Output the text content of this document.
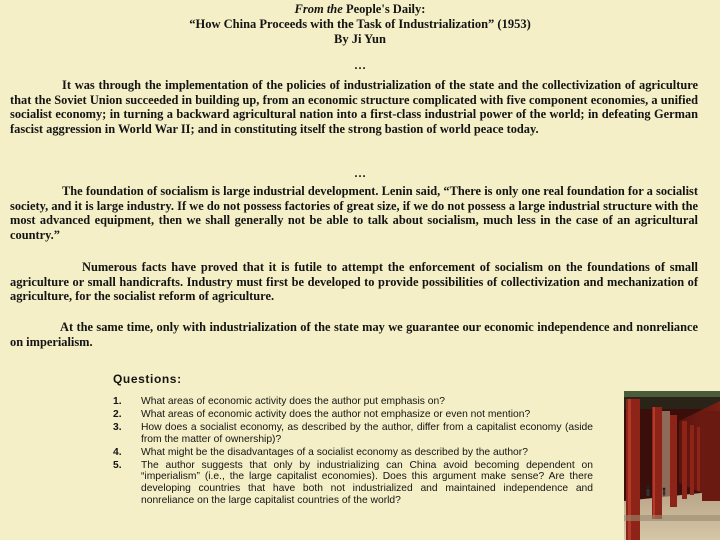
From the People's Daily:
“How China Proceeds with the Task of Industrialization” (1953)
By Ji Yun
…
It was through the implementation of the policies of industrialization of the state and the collectivization of agriculture that the Soviet Union succeeded in building up, from an economic structure complicated with five component economies, a unified socialist economy; in turning a backward agricultural nation into a first-class industrial power of the world; in defeating German fascist aggression in World War II; and in constituting itself the strong bastion of world peace today.
…
The foundation of socialism is large industrial development. Lenin said, “There is only one real foundation for a socialist society, and it is large industry. If we do not possess factories of great size, if we do not possess a large industrial structure with the most advanced equipment, then we shall generally not be able to talk about socialism, much less in the case of an agricultural country.”
Numerous facts have proved that it is futile to attempt the enforcement of socialism on the foundations of small agriculture or small handicrafts. Industry must first be developed to provide possibilities of collectivization and mechanization of agriculture, for the socialist reform of agriculture.
At the same time, only with industrialization of the state may we guarantee our economic independence and nonreliance on imperialism.
Questions:
1.	What areas of economic activity does the author put emphasis on?
2.	What areas of economic activity does the author not emphasize or even not mention?
3.	How does a socialist economy, as described by the author, differ from a capitalist economy (aside from the matter of ownership)?
4.	What might be the disadvantages of a socialist economy as described by the author?
5.	The author suggests that only by industrializing can China avoid becoming dependent on “imperialism” (i.e., the large capitalist economies). Does this argument make sense? Are there developing countries that have both not industrialized and maintained independence and nonreliance on the large capitalist countries of the world?
